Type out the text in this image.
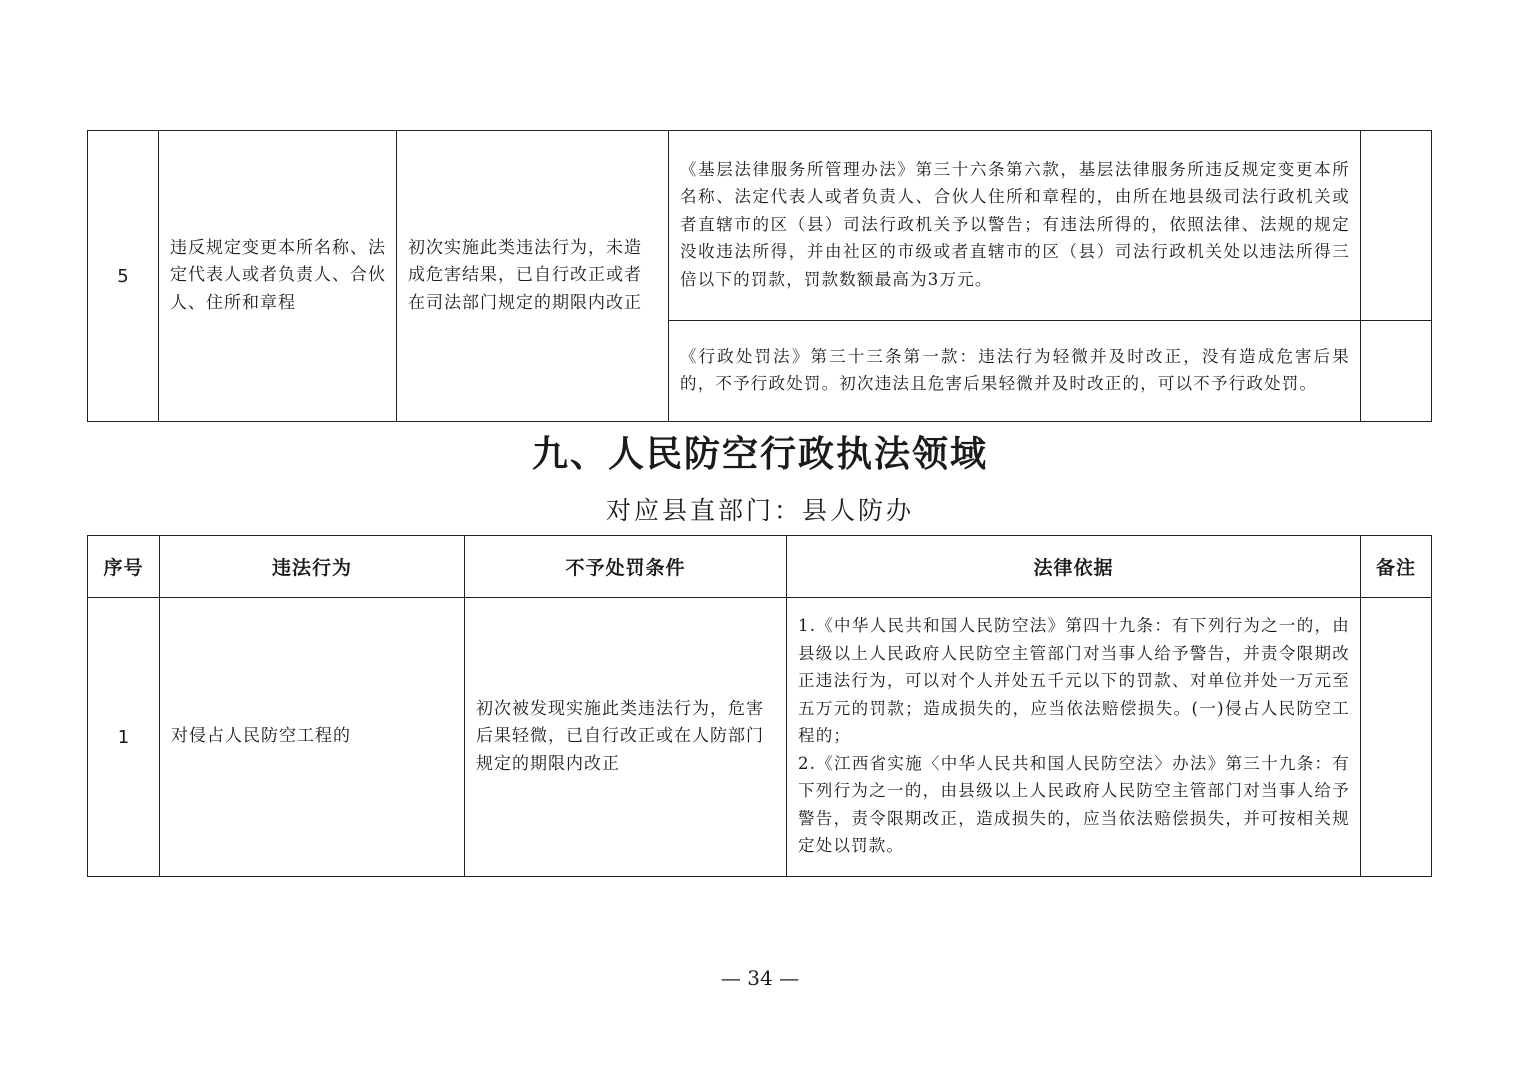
5	违反规定变更本所名称、法定代表人或者负责人、合伙人、住所和章程	初次实施此类违法行为，未造成危害结果，已自行改正或者在司法部门规定的期限内改正	《基层法律服务所管理办法》第三十六条第六款，基层法律服务所违反规定变更本所名称、法定代表人或者负责人、合伙人住所和章程的，由所在地县级司法行政机关或者直辖市的区（县）司法行政机关予以警告；有违法所得的，依照法律、法规的规定没收违法所得，并由社区的市级或者直辖市的区（县）司法行政机关处以违法所得三倍以下的罚款，罚款数额最高为3万元。	
			《行政处罚法》第三十三条第一款：违法行为轻微并及时改正，没有造成危害后果的，不予行政处罚。初次违法且危害后果轻微并及时改正的，可以不予行政处罚。	
九、人民防空行政执法领域
对应县直部门：县人防办
序号	违法行为	不予处罚条件	法律依据	备注
1	对侵占人民防空工程的	初次被发现实施此类违法行为，危害后果轻微，已自行改正或在人防部门规定的期限内改正	1.《中华人民共和国人民防空法》第四十九条：有下列行为之一的，由县级以上人民政府人民防空主管部门对当事人给予警告，并责令限期改正违法行为，可以对个人并处五千元以下的罚款、对单位并处一万元至五万元的罚款；造成损失的，应当依法赔偿损失。(一)侵占人民防空工程的；
2.《江西省实施〈中华人民共和国人民防空法〉办法》第三十九条：有下列行为之一的，由县级以上人民政府人民防空主管部门对当事人给予警告，责令限期改正，造成损失的，应当依法赔偿损失，并可按相关规定处以罚款。	

— 34 —
